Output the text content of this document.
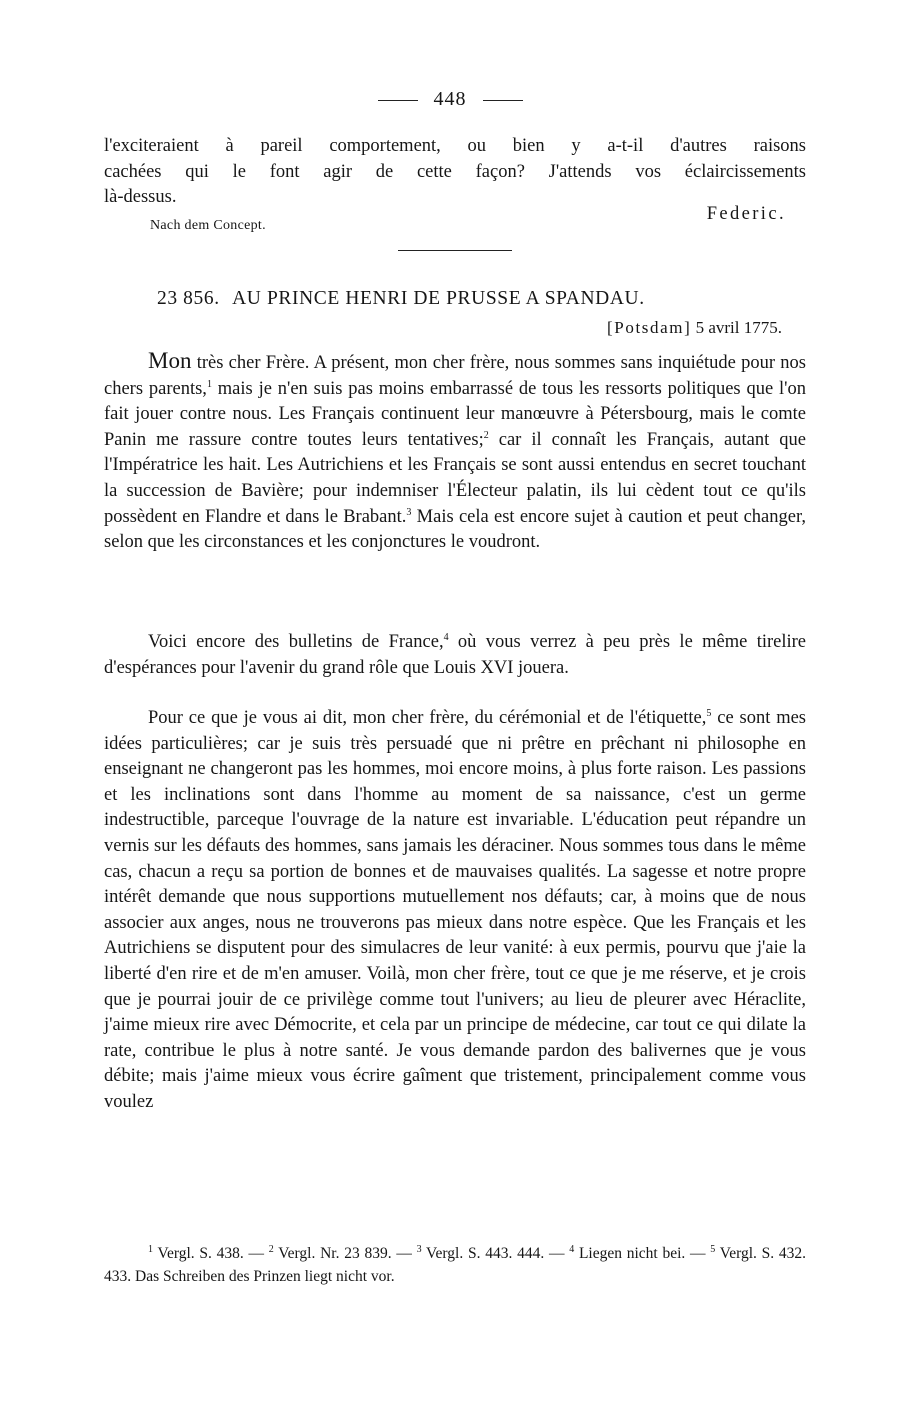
448
l'exciteraient à pareil comportement, ou bien y a-t-il d'autres raisons
cachées qui le font agir de cette façon? J'attends vos éclaircissements
là-dessus.
Nach dem Concept.
Federic.
23 856. AU PRINCE HENRI DE PRUSSE A SPANDAU.
[Potsdam] 5 avril 1775.
Mon très cher Frère. A présent, mon cher frère, nous sommes sans inquiétude pour nos chers parents,$^1$ mais je n'en suis pas moins embarrassé de tous les ressorts politiques que l'on fait jouer contre nous. Les Français continuent leur manœuvre à Pétersbourg, mais le comte Panin me rassure contre toutes leurs tentatives;$^2$ car il connaît les Français, autant que l'Impératrice les hait. Les Autrichiens et les Français se sont aussi entendus en secret touchant la succession de Bavière; pour indemniser l'Électeur palatin, ils lui cèdent tout ce qu'ils possèdent en Flandre et dans le Brabant.$^3$ Mais cela est encore sujet à caution et peut changer, selon que les circonstances et les conjonctures le voudront.
Voici encore des bulletins de France,$^4$ où vous verrez à peu près le même tirelire d'espérances pour l'avenir du grand rôle que Louis XVI jouera.
Pour ce que je vous ai dit, mon cher frère, du cérémonial et de l'étiquette,$^5$ ce sont mes idées particulières; car je suis très persuadé que ni prêtre en prêchant ni philosophe en enseignant ne changeront pas les hommes, moi encore moins, à plus forte raison. Les passions et les inclinations sont dans l'homme au moment de sa naissance, c'est un germe indestructible, parceque l'ouvrage de la nature est invariable. L'éducation peut répandre un vernis sur les défauts des hommes, sans jamais les déraciner. Nous sommes tous dans le même cas, chacun a reçu sa portion de bonnes et de mauvaises qualités. La sagesse et notre propre intérêt demande que nous supportions mutuellement nos défauts; car, à moins que de nous associer aux anges, nous ne trouverons pas mieux dans notre espèce. Que les Français et les Autrichiens se disputent pour des simulacres de leur vanité: à eux permis, pourvu que j'aie la liberté d'en rire et de m'en amuser. Voilà, mon cher frère, tout ce que je me réserve, et je crois que je pourrai jouir de ce privilège comme tout l'univers; au lieu de pleurer avec Héraclite, j'aime mieux rire avec Démocrite, et cela par un principe de médecine, car tout ce qui dilate la rate, contribue le plus à notre santé. Je vous demande pardon des balivernes que je vous débite; mais j'aime mieux vous écrire gaîment que tristement, principalement comme vous voulez
$^1$ Vergl. S. 438. — $^2$ Vergl. Nr. 23 839. — $^3$ Vergl. S. 443. 444. — $^4$ Liegen nicht bei. — $^5$ Vergl. S. 432. 433. Das Schreiben des Prinzen liegt nicht vor.
